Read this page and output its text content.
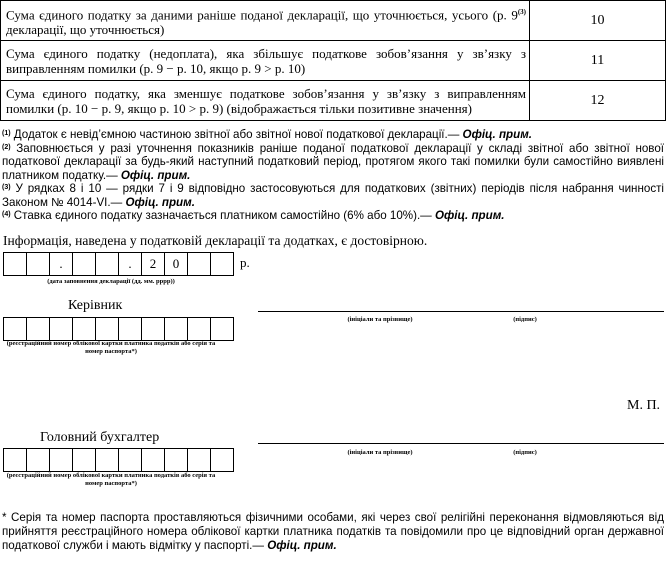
Сума єдиного податку за даними раніше поданої декларації, що уточнюється, усього (р. 9$^{(3)}$ декларації, що уточнюється)	10
Сума єдиного податку (недоплата), яка збільшує податкове зобов’язання у зв’язку з виправленням помилки (р. 9 − р. 10, якщо р. 9 > р. 10)	11
Сума єдиного податку, яка зменшує податкове зобов’язання у зв’язку з виправленням помилки (р. 10 − р. 9, якщо р. 10 > р. 9) (відображається тільки позитивне значення)	12

$^{(1)}$ Додаток є невід’ємною частиною звітної або звітної нової податкової декларації.— Офіц. прим.

$^{(2)}$ Заповнюється у разі уточнення показників раніше поданої податкової декларації у складі звітної або звітної нової податкової декларації за будь-який наступний податковий період, протягом якого такі помилки були самостійно виявлені платником податку.— Офіц. прим.

$^{(3)}$ У рядках 8 і 10 — рядки 7 і 9 відповідно застосовуються для податкових (звітних) періодів після набрання чинності Законом № 4014-VI.— Офіц. прим.

$^{(4)}$ Ставка єдиного податку зазначається платником самостійно (6% або 10%).— Офіц. прим.

Інформація, наведена у податковій декларації та додатках, є достовірною.
.	.	2	0	р.
(дата заповнення декларації (дд. мм. рррр))
Керівник
(реєстраційний номер облікової картки платника податків або серія та номер паспорта*)
(ініціали та прізвище)	(підпис)
М. П.
Головний бухгалтер
(реєстраційний номер облікової картки платника податків або серія та номер паспорта*)
(ініціали та прізвище)	(підпис)

* Серія та номер паспорта проставляються фізичними особами, які через свої релігійні переконання відмовляються від прийняття реєстраційного номера облікової картки платника податків та повідомили про це відповідний орган державної податкової служби і мають відмітку у паспорті.— Офіц. прим.
